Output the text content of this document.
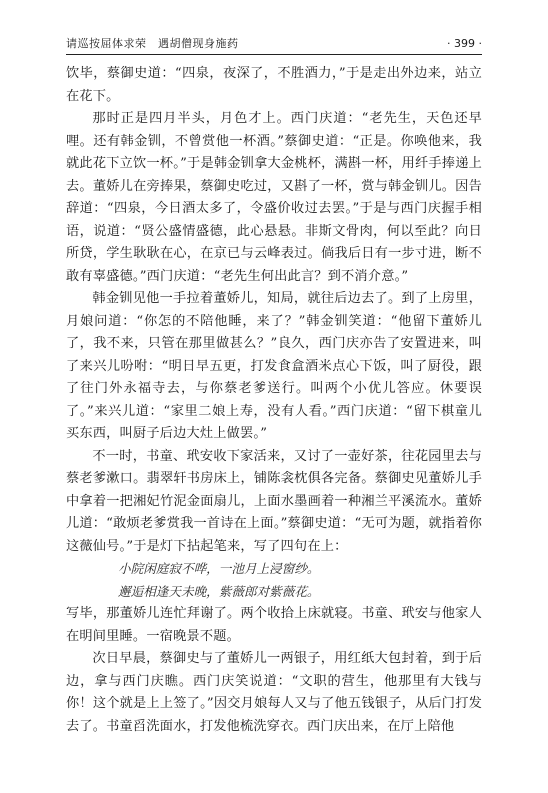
请巡按屈体求荣　遇胡僧现身施药	· 399 ·

饮毕，蔡御史道：“四泉，夜深了，不胜酒力，”于是走出外边来，站立在花下。

那时正是四月半头，月色才上。西门庆道：“老先生，天色还早哩。还有韩金钏，不曾赏他一杯酒。”蔡御史道：“正是。你唤他来，我就此花下立饮一杯。”于是韩金钏拿大金桃杯，满斟一杯，用纤手捧递上去。董娇儿在旁捧果，蔡御史吃过，又斟了一杯，赏与韩金钏儿。因告辞道：“四泉，今日酒太多了，令盛价收过去罢。”于是与西门庆握手相语，说道：“贤公盛情盛德，此心悬悬。非斯文骨肉，何以至此？向日所贷，学生耿耿在心，在京已与云峰表过。倘我后日有一步寸进，断不敢有辜盛德。”西门庆道：“老先生何出此言？到不消介意。”

韩金钏见他一手拉着董娇儿，知局，就往后边去了。到了上房里，月娘问道：“你怎的不陪他睡，来了？”韩金钏笑道：“他留下董娇儿了，我不来，只管在那里做甚么？”良久，西门庆亦告了安置进来，叫了来兴儿吩咐：“明日早五更，打发食盒酒米点心下饭，叫了厨役，跟了往门外永福寺去，与你蔡老爹送行。叫两个小优儿答应。休要误了。”来兴儿道：“家里二娘上寿，没有人看。”西门庆道：“留下棋童儿买东西，叫厨子后边大灶上做罢。”

不一时，书童、玳安收下家活来，又讨了一壶好茶，往花园里去与蔡老爹漱口。翡翠轩书房床上，铺陈衾枕俱各完备。蔡御史见董娇儿手中拿着一把湘妃竹泥金面扇儿，上面水墨画着一种湘兰平溪流水。董娇儿道：“敢烦老爹赏我一首诗在上面。”蔡御史道：“无可为题，就指着你这薇仙号。”于是灯下拈起笔来，写了四句在上：

小院闲庭寂不哗，一池月上浸窗纱。

邂逅相逢天未晚，紫薇郎对紫薇花。

写毕，那董娇儿连忙拜谢了。两个收拾上床就寝。书童、玳安与他家人在明间里睡。一宿晚景不题。

次日早晨，蔡御史与了董娇儿一两银子，用红纸大包封着，到于后边，拿与西门庆瞧。西门庆笑说道：“文职的营生，他那里有大钱与你！这个就是上上签了。”因交月娘每人又与了他五钱银子，从后门打发去了。书童舀洗面水，打发他梳洗穿衣。西门庆出来，在厅上陪他
